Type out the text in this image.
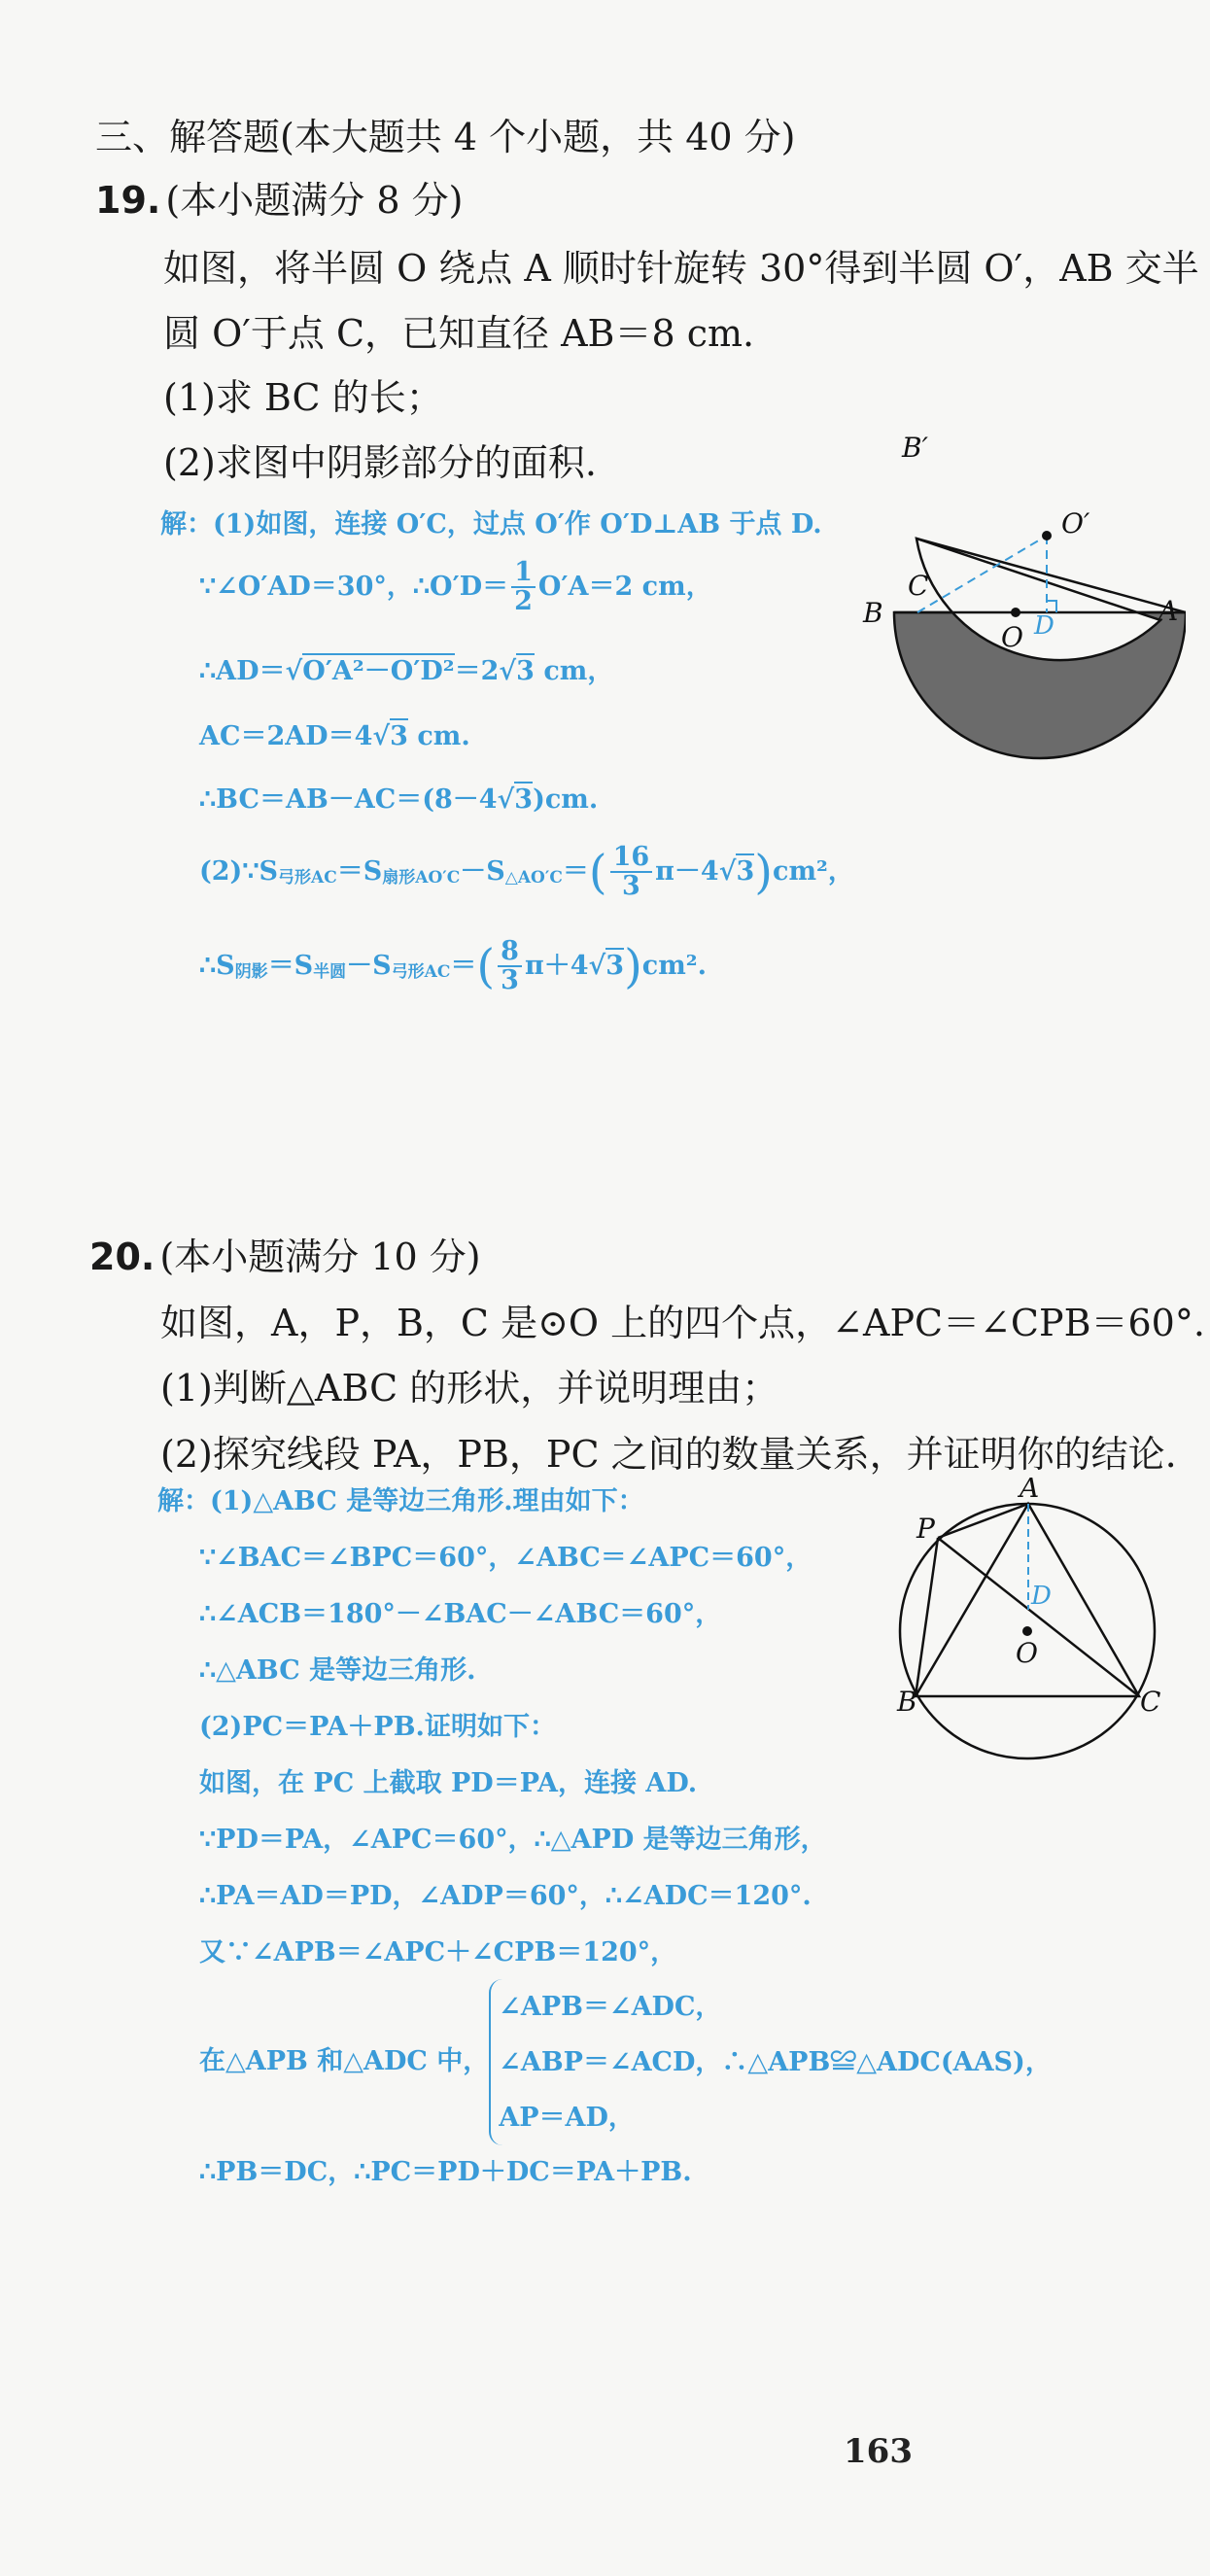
三、解答题(本大题共 4 个小题，共 40 分)
19. (本小题满分 8 分)
如图，将半圆 O 绕点 A 顺时针旋转 30°得到半圆 O′，AB 交半
圆 O′于点 C，已知直径 AB＝8 cm.
(1)求 BC 的长；
(2)求图中阴影部分的面积.
解：(1)如图，连接 O′C，过点 O′作 O′D⊥AB 于点 D.
∵∠O′AD＝30°，∴O′D＝ $\frac{1}{2} O'A=2$ cm，
∴AD＝√O′A²－O′D²＝2√3 cm，
AC＝2AD＝4√3 cm.
∴BC＝AB－AC＝(8－4√3)cm.
(2)∵S弓形AC＝S扇形AO′C－S△AO′C＝( $\frac{16}{3} \pi-4√3)cm^2$，
∴S阴影＝S半圆－S弓形$AC=( \frac{8}{3} \pi+4√3)cm^2$.
B′
O′
B
C
O D	A
20. (本小题满分 10 分)
如图，A，P，B，C 是⊙O 上的四个点，∠APC＝∠CPB＝60°.
(1)判断△ABC 的形状，并说明理由；
(2)探究线段 PA，PB，PC 之间的数量关系，并证明你的结论.
解：(1)△ABC 是等边三角形.理由如下：
∵∠BAC＝∠BPC＝60°，∠ABC＝∠APC＝60°，
∴∠ACB＝180°－∠BAC－∠ABC＝60°，
∴△ABC 是等边三角形.
(2)PC＝PA＋PB.证明如下：
如图，在 PC 上截取 PD＝PA，连接 AD.
∵PD＝PA，∠APC＝60°，∴△APD 是等边三角形，
∴PA＝AD＝PD，∠ADP＝60°，∴∠ADC＝120°.
又∵∠APB＝∠APC＋∠CPB＝120°，
在△APB 和△ADC 中，
∠APB＝∠ADC，
∠ABP＝∠ACD，∴△APB≌△ADC(AAS)，
AP＝AD，
∴PB＝DC，∴PC＝PD＋DC＝PA＋PB.
A
P
D
O
B	C
163
